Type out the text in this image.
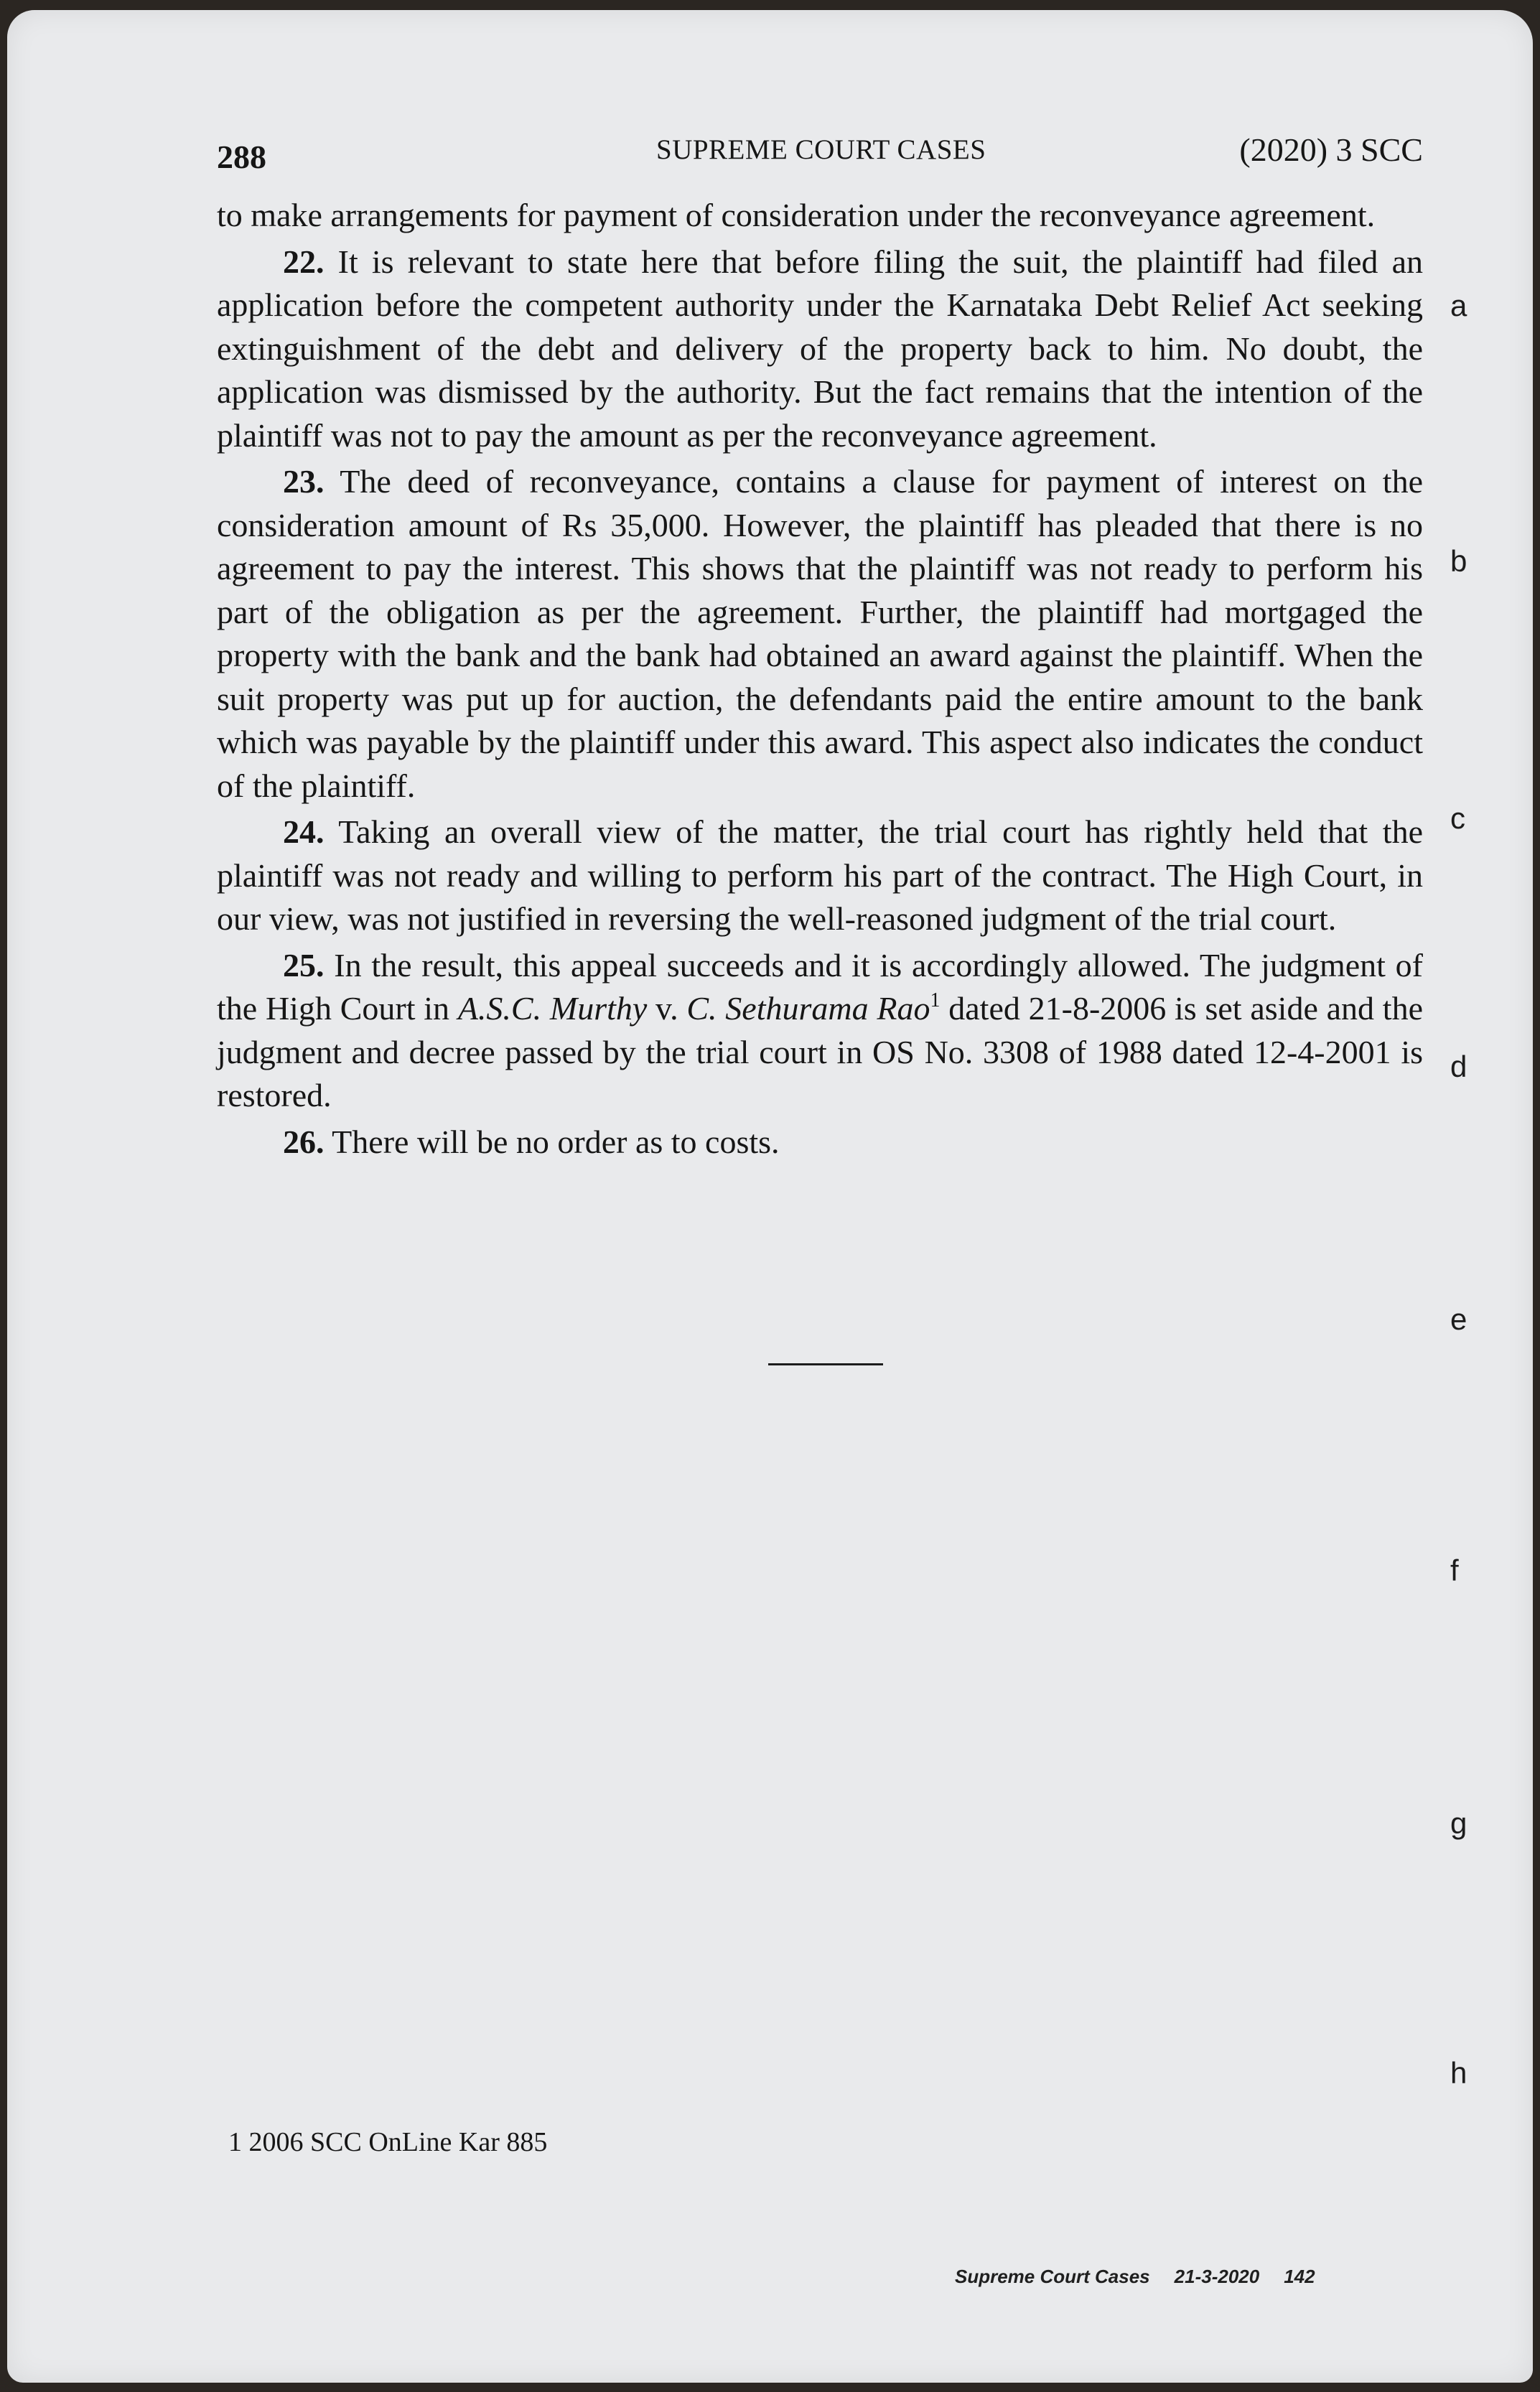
288	SUPREME COURT CASES	(2020) 3 SCC

to make arrangements for payment of consideration under the reconveyance agreement.

22. It is relevant to state here that before filing the suit, the plaintiff had filed an application before the competent authority under the Karnataka Debt Relief Act seeking extinguishment of the debt and delivery of the property back to him. No doubt, the application was dismissed by the authority. But the fact remains that the intention of the plaintiff was not to pay the amount as per the reconveyance agreement.

23. The deed of reconveyance, contains a clause for payment of interest on the consideration amount of Rs 35,000. However, the plaintiff has pleaded that there is no agreement to pay the interest. This shows that the plaintiff was not ready to perform his part of the obligation as per the agreement. Further, the plaintiff had mortgaged the property with the bank and the bank had obtained an award against the plaintiff. When the suit property was put up for auction, the defendants paid the entire amount to the bank which was payable by the plaintiff under this award. This aspect also indicates the conduct of the plaintiff.

24. Taking an overall view of the matter, the trial court has rightly held that the plaintiff was not ready and willing to perform his part of the contract. The High Court, in our view, was not justified in reversing the well-reasoned judgment of the trial court.

25. In the result, this appeal succeeds and it is accordingly allowed. The judgment of the High Court in A.S.C. Murthy v. C. Sethurama Rao$^1$ dated 21-8-2006 is set aside and the judgment and decree passed by the trial court in OS No. 3308 of 1988 dated 12-4-2001 is restored.

26. There will be no order as to costs.

a
b
c
d
e
f
g
h
1 2006 SCC OnLine Kar 885
Supreme Court Cases 21-3-2020 142
